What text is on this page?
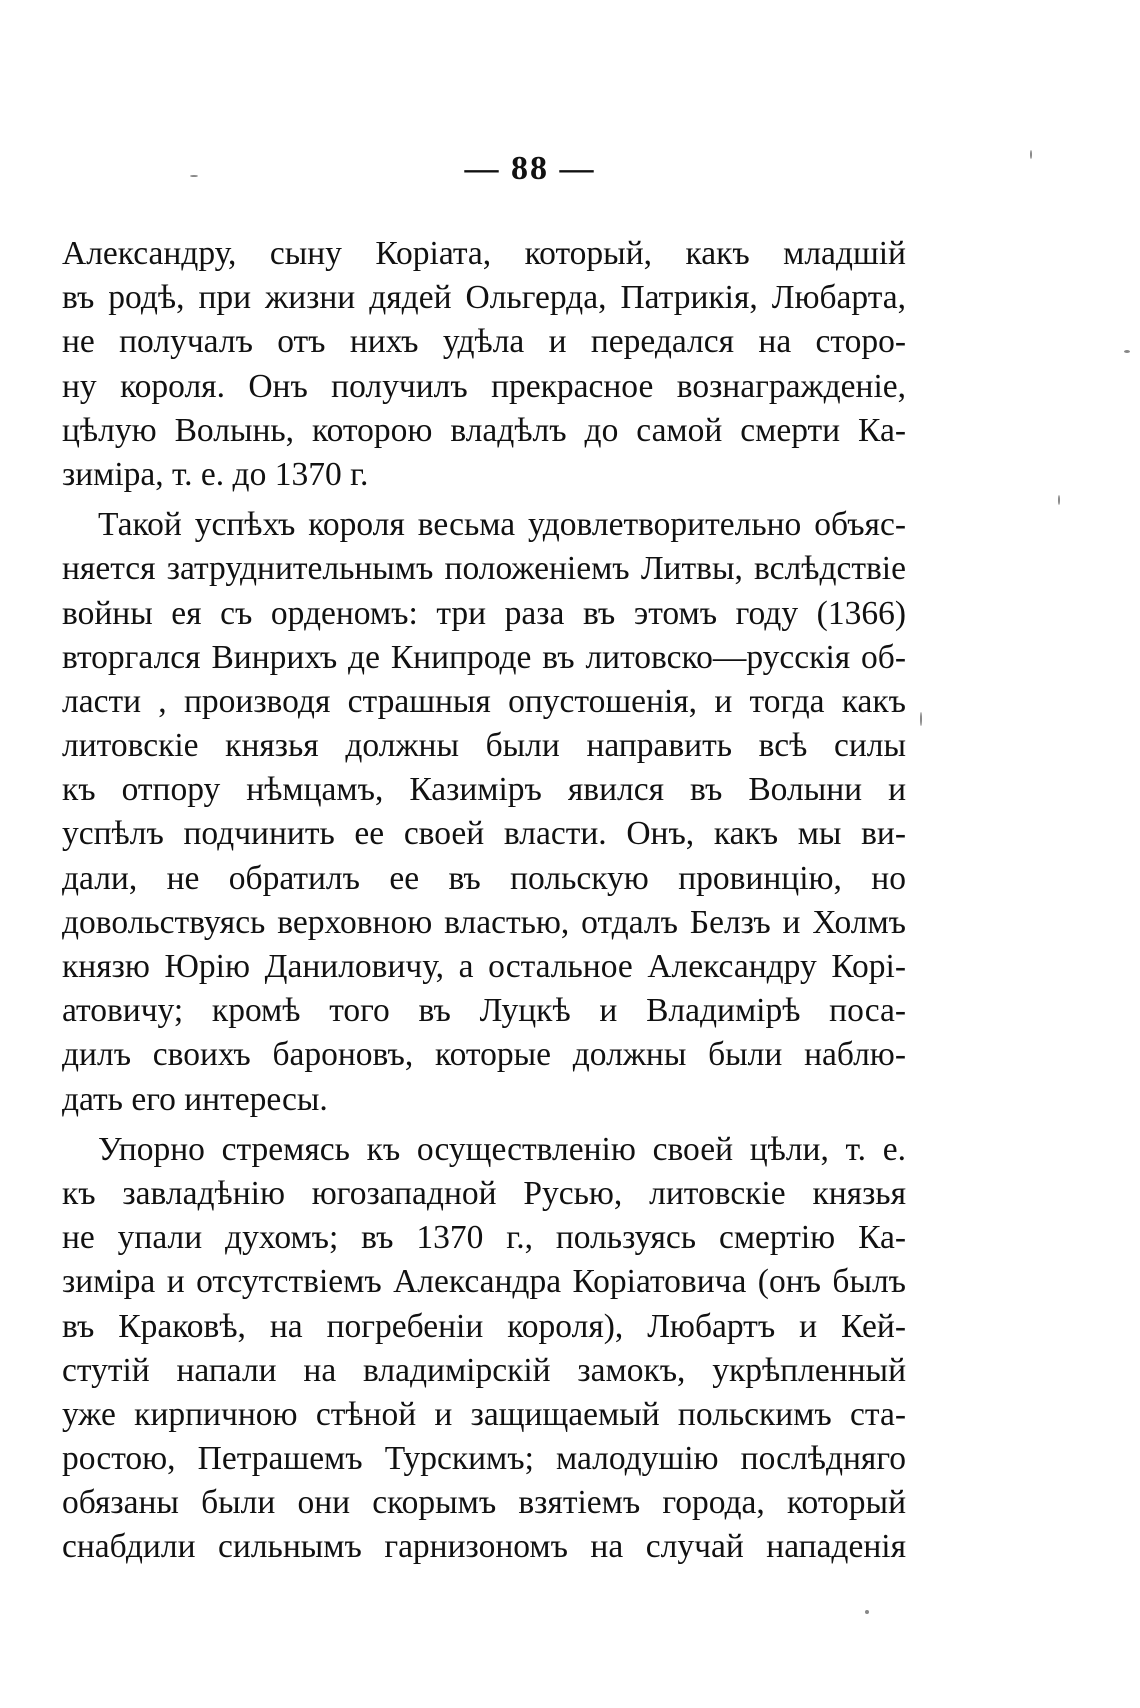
— 88 —
Александру, сыну Коріата, который, какъ младшій
въ родѣ, при жизни дядей Ольгерда, Патрикія, Любарта,
не получалъ отъ нихъ удѣла и передался на сторо-
ну короля. Онъ получилъ прекрасное вознагражденіе,
цѣлую Волынь, которою владѣлъ до самой смерти Ка-
зиміра, т. е. до 1370 г.
Такой успѣхъ короля весьма удовлетворительно объяс-
няется затруднительнымъ положеніемъ Литвы, вслѣдствіе
войны ея съ орденомъ: три раза въ этомъ году (1366)
вторгался Винрихъ де Книпроде въ литовско—русскія об-
ласти , производя страшныя опустошенія, и тогда какъ
литовскіе князья должны были направить всѣ силы
къ отпору нѣмцамъ, Казиміръ явился въ Волыни и
успѣлъ подчинить ее своей власти. Онъ, какъ мы ви-
дали, не обратилъ ее въ польскую провинцію, но
довольствуясь верховною властью, отдалъ Белзъ и Холмъ
князю Юрію Даниловичу, а остальное Александру Корі-
атовичу; кромѣ того въ Луцкѣ и Владимірѣ поса-
дилъ своихъ бароновъ, которые должны были наблю-
дать его интересы.
Упорно стремясь къ осуществленію своей цѣли, т. е.
къ завладѣнію югозападной Русью, литовскіе князья
не упали духомъ; въ 1370 г., пользуясь смертію Ка-
зиміра и отсутствіемъ Александра Коріатовича (онъ былъ
въ Краковѣ, на погребеніи короля), Любартъ и Кей-
стутій напали на владимірскій замокъ, укрѣпленный
уже кирпичною стѣной и защищаемый польскимъ ста-
ростою, Петрашемъ Турскимъ; малодушію послѣдняго
обязаны были они скорымъ взятіемъ города, который
снабдили сильнымъ гарнизономъ на случай нападенія
